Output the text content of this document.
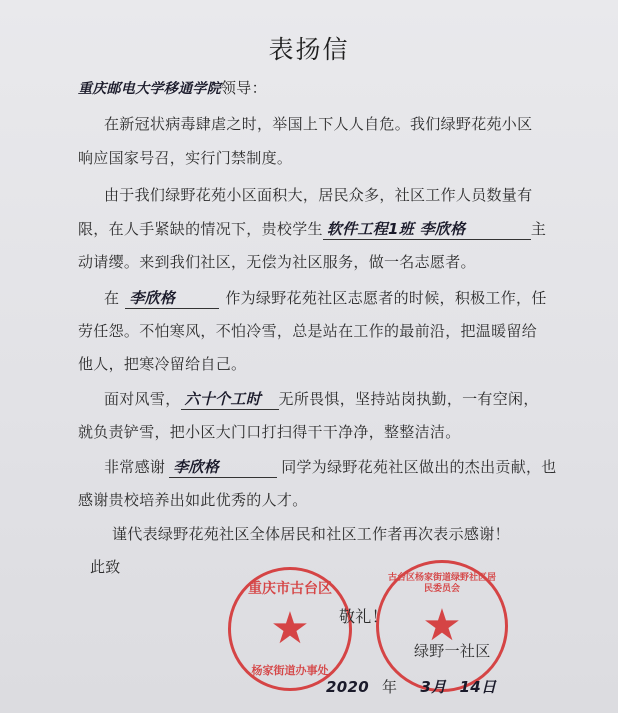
表扬信
重庆邮电大学移通学院领导：
在新冠状病毒肆虐之时，举国上下人人自危。我们绿野花苑小区
响应国家号召，实行门禁制度。
由于我们绿野花苑小区面积大，居民众多，社区工作人员数量有
限，在人手紧缺的情况下，贵校学生 软件工程1班 李欣格	主
动请缨。来到我们社区，无偿为社区服务，做一名志愿者。
在 李欣格	作为绿野花苑社区志愿者的时候，积极工作，任
劳任怨。不怕寒风，不怕冷雪，总是站在工作的最前沿，把温暖留给
他人，把寒冷留给自己。
面对风雪， 六十个工时 无所畏惧，坚持站岗执勤，一有空闲，
就负责铲雪，把小区大门口打扫得干干净净，整整洁洁。
非常感谢 李欣格	同学为绿野花苑社区做出的杰出贡献，也
感谢贵校培养出如此优秀的人才。
谨代表绿野花苑社区全体居民和社区工作者再次表示感谢！
此致
★
重庆市古台区
杨家街道办事处
★
古台区杨家街道绿野社区居民委员会
敬礼！
绿野一社区
2020 年 3月 14日
